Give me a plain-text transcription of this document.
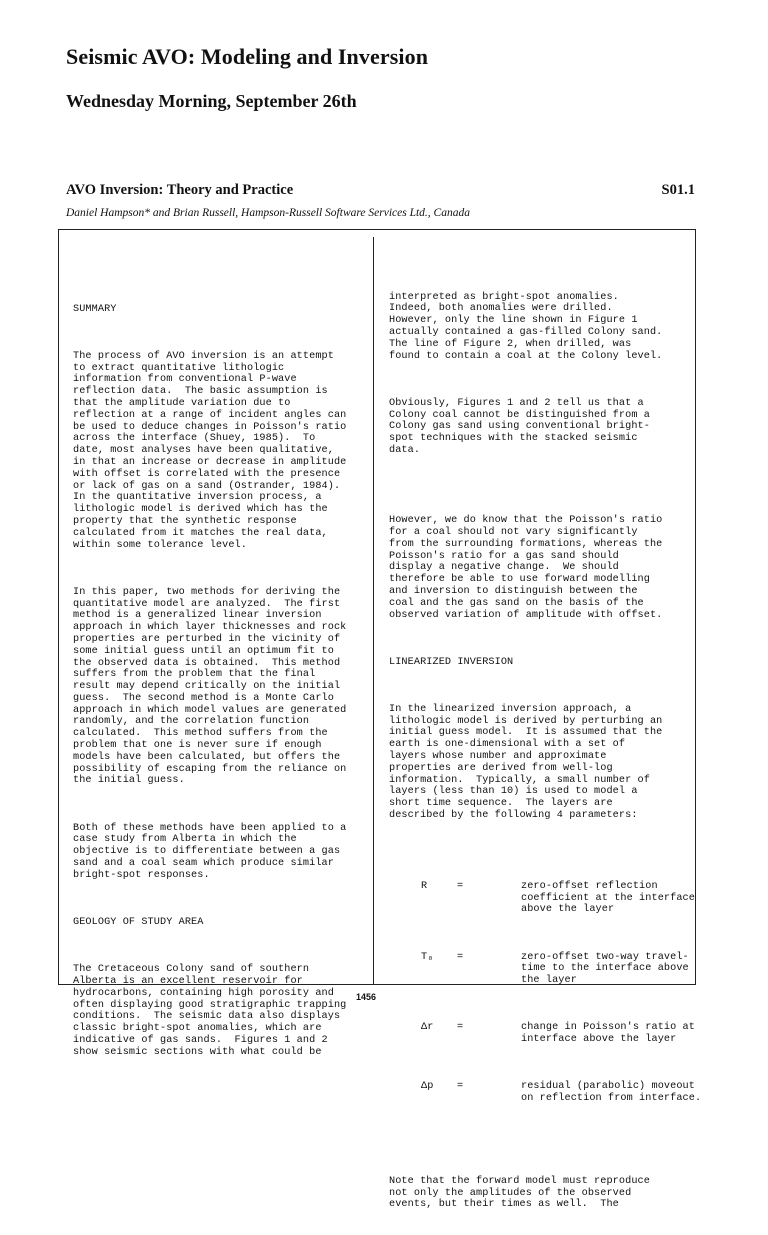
Seismic AVO: Modeling and Inversion
Wednesday Morning, September 26th
AVO Inversion: Theory and Practice	S01.1
Daniel Hampson* and Brian Russell, Hampson-Russell Software Services Ltd., Canada

SUMMARY

The process of AVO inversion is an attempt
to extract quantitative lithologic
information from conventional P-wave
reflection data.  The basic assumption is
that the amplitude variation due to
reflection at a range of incident angles can
be used to deduce changes in Poisson's ratio
across the interface (Shuey, 1985).  To
date, most analyses have been qualitative,
in that an increase or decrease in amplitude
with offset is correlated with the presence
or lack of gas on a sand (Ostrander, 1984).
In the quantitative inversion process, a
lithologic model is derived which has the
property that the synthetic response
calculated from it matches the real data,
within some tolerance level.

In this paper, two methods for deriving the
quantitative model are analyzed.  The first
method is a generalized linear inversion
approach in which layer thicknesses and rock
properties are perturbed in the vicinity of
some initial guess until an optimum fit to
the observed data is obtained.  This method
suffers from the problem that the final
result may depend critically on the initial
guess.  The second method is a Monte Carlo
approach in which model values are generated
randomly, and the correlation function
calculated.  This method suffers from the
problem that one is never sure if enough
models have been calculated, but offers the
possibility of escaping from the reliance on
the initial guess.

Both of these methods have been applied to a
case study from Alberta in which the
objective is to differentiate between a gas
sand and a coal seam which produce similar
bright-spot responses.

GEOLOGY OF STUDY AREA

The Cretaceous Colony sand of southern
Alberta is an excellent reservoir for
hydrocarbons, containing high porosity and
often displaying good stratigraphic trapping
conditions.  The seismic data also displays
classic bright-spot anomalies, which are
indicative of gas sands.  Figures 1 and 2
show seismic sections with what could be

interpreted as bright-spot anomalies.
Indeed, both anomalies were drilled.
However, only the line shown in Figure 1
actually contained a gas-filled Colony sand.
The line of Figure 2, when drilled, was
found to contain a coal at the Colony level.

Obviously, Figures 1 and 2 tell us that a
Colony coal cannot be distinguished from a
Colony gas sand using conventional bright-
spot techniques with the stacked seismic
data.

However, we do know that the Poisson's ratio
for a coal should not vary significantly
from the surrounding formations, whereas the
Poisson's ratio for a gas sand should
display a negative change.  We should
therefore be able to use forward modelling
and inversion to distinguish between the
coal and the gas sand on the basis of the
observed variation of amplitude with offset.

LINEARIZED INVERSION

In the linearized inversion approach, a
lithologic model is derived by perturbing an
initial guess model.  It is assumed that the
earth is one-dimensional with a set of
layers whose number and approximate
properties are derived from well-log
information.  Typically, a small number of
layers (less than 10) is used to model a
short time sequence.  The layers are
described by the following 4 parameters:

R	=	zero-offset reflection
coefficient at the interface
above the layer

T₀	=	zero-offset two-way travel-
time to the interface above
the layer

Δr	=	change in Poisson's ratio at
interface above the layer

Δp	=	residual (parabolic) moveout
on reflection from interface.

Note that the forward model must reproduce
not only the amplitudes of the observed
events, but their times as well.  The

1456
